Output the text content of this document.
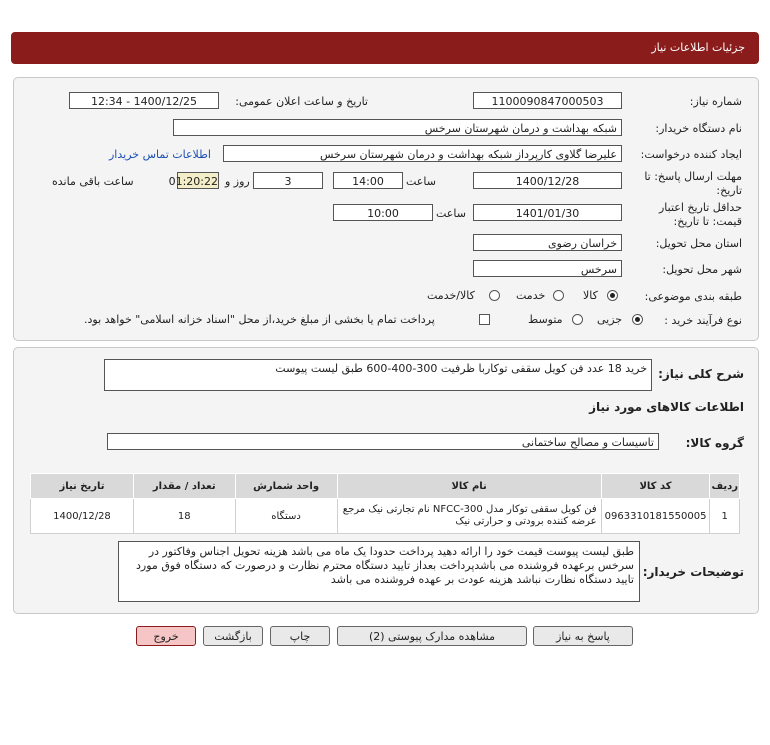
جزئیات اطلاعات نیاز
شماره نیاز:
1100090847000503
تاریخ و ساعت اعلان عمومی:
1400/12/25 - 12:34
نام دستگاه خریدار:
شبکه بهداشت و درمان شهرستان سرخس
ایجاد کننده درخواست:
علیرضا گلاوی کارپرداز شبکه بهداشت و درمان شهرستان سرخس
اطلاعات تماس خریدار
مهلت ارسال پاسخ: تا
تاریخ:
1400/12/28
ساعت
14:00
3
روز و
01:20:22
ساعت باقی مانده
حداقل تاریخ اعتبار
قیمت: تا تاریخ:
1401/01/30
ساعت
10:00
استان محل تحویل:
خراسان رضوی
شهر محل تحویل:
سرخس
طبقه بندی موضوعی:
کالا
خدمت
کالا/خدمت
نوع فرآیند خرید :
جزیی
متوسط
پرداخت تمام یا بخشی از مبلغ خرید،از محل "اسناد خزانه اسلامی" خواهد بود.
شرح کلی نیاز:
خرید 18 عدد فن کویل سقفی توکاربا ظرفیت 300-400-600 طبق لیست پیوست
اطلاعات کالاهای مورد نیاز
گروه کالا:
تاسیسات و مصالح ساختمانی
ردیف	کد کالا	نام کالا	واحد شمارش	تعداد / مقدار	تاریخ نیاز
1	0963310181550005	فن کویل سقفی توکار مدل NFCC-300 نام تجارتی نیک مرجع عرضه کننده برودتی و حرارتی نیک	دستگاه	18	1400/12/28
توضیحات خریدار:
طبق لیست پیوست قیمت خود را ارائه دهید پرداخت حدودا یک ماه می باشد هزینه تحویل اجناس وفاکتور در سرخس برعهده فروشنده می باشدپرداخت بعداز تایید دستگاه محترم نظارت و درصورت که دستگاه فوق مورد تایید دستگاه نظارت نباشد هزینه عودت بر عهده فروشنده می باشد
پاسخ به نیاز
مشاهده مدارک پیوستی (2)
چاپ
بازگشت
خروج
